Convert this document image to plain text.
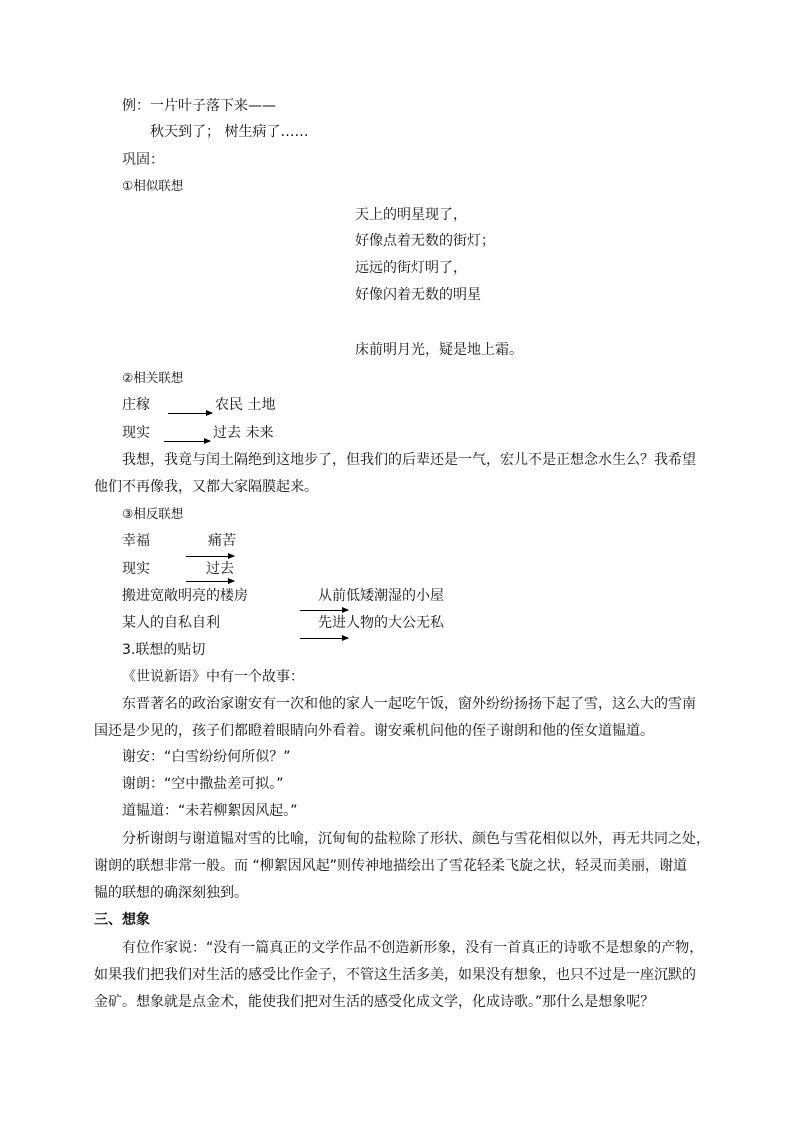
例：一片叶子落下来——
秋天到了； 树生病了……
巩固：
①相似联想
天上的明星现了，
好像点着无数的街灯；
远远的街灯明了，
好像闪着无数的明星
床前明月光，疑是地上霜。
②相关联想
庄稼	农民 土地
现实	过去 未来
我想，我竟与闰土隔绝到这地步了，但我们的后辈还是一气，宏儿不是正想念水生么？我希望
他们不再像我，又都大家隔膜起来。
③相反联想
幸福	痛苦
现实	过去
搬进宽敞明亮的楼房	从前低矮潮湿的小屋
某人的自私自利	先进人物的大公无私
3.联想的贴切
《世说新语》中有一个故事：
东晋著名的政治家谢安有一次和他的家人一起吃午饭，窗外纷纷扬扬下起了雪，这么大的雪南
国还是少见的，孩子们都瞪着眼睛向外看着。谢安乘机问他的侄子谢朗和他的侄女道韫道。
谢安：“白雪纷纷何所似？”
谢朗：“空中撒盐差可拟。”
道韫道：“未若柳絮因风起。”
分析谢朗与谢道韫对雪的比喻，沉甸甸的盐粒除了形状、颜色与雪花相似以外，再无共同之处，
谢朗的联想非常一般。而 “柳絮因风起”则传神地描绘出了雪花轻柔飞旋之状，轻灵而美丽，谢道
韫的联想的确深刻独到。
三、想象
有位作家说：“没有一篇真正的文学作品不创造新形象，没有一首真正的诗歌不是想象的产物，
如果我们把我们对生活的感受比作金子，不管这生活多美，如果没有想象，也只不过是一座沉默的
金矿。想象就是点金术，能使我们把对生活的感受化成文学，化成诗歌。”那什么是想象呢？
